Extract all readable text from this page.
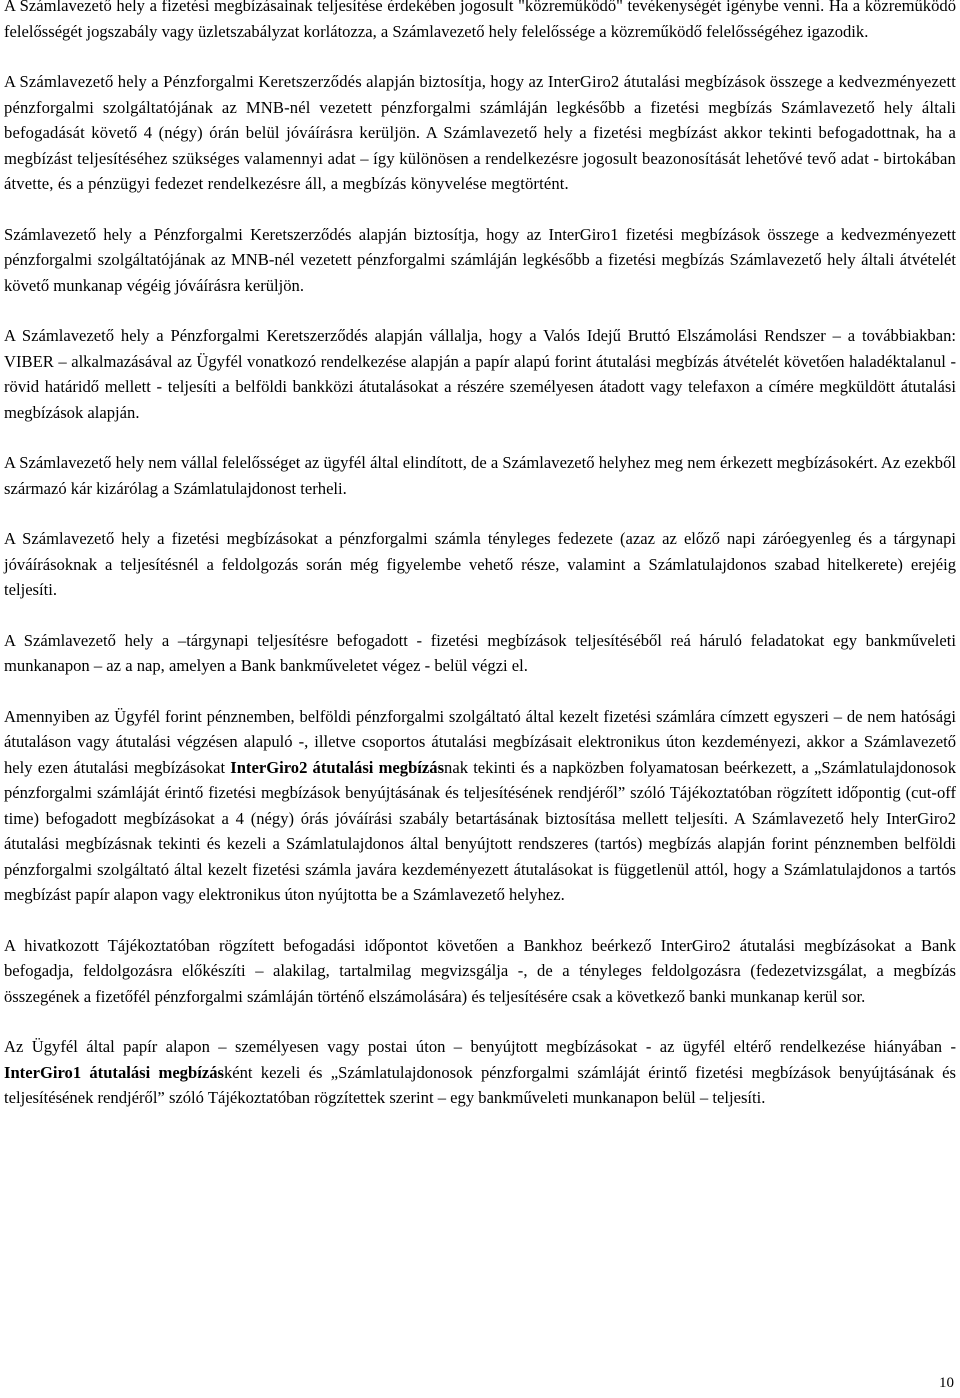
A Számlavezető hely a fizetési megbízásainak teljesítése érdekében jogosult "közreműködő" tevékenységét igénybe venni. Ha a közreműködő felelősségét jogszabály vagy üzletszabályzat korlátozza, a Számlavezető hely felelőssége a közreműködő felelősségéhez igazodik.

A Számlavezető hely a Pénzforgalmi Keretszerződés alapján biztosítja, hogy az InterGiro2 átutalási megbízások összege a kedvezményezett pénzforgalmi szolgáltatójának az MNB-nél vezetett pénzforgalmi számláján legkésőbb a fizetési megbízás Számlavezető hely általi befogadását követő 4 (négy) órán belül jóváírásra kerüljön. A Számlavezető hely a fizetési megbízást akkor tekinti befogadottnak, ha a megbízást teljesítéséhez szükséges valamennyi adat – így különösen a rendelkezésre jogosult beazonosítását lehetővé tevő adat - birtokában átvette, és a pénzügyi fedezet rendelkezésre áll, a megbízás könyvelése megtörtént.

Számlavezető hely a Pénzforgalmi Keretszerződés alapján biztosítja, hogy az InterGiro1 fizetési megbízások összege a kedvezményezett pénzforgalmi szolgáltatójának az MNB-nél vezetett pénzforgalmi számláján legkésőbb a fizetési megbízás Számlavezető hely általi átvételét követő munkanap végéig jóváírásra kerüljön.

A Számlavezető hely a Pénzforgalmi Keretszerződés alapján vállalja, hogy a Valós Idejű Bruttó Elszámolási Rendszer – a továbbiakban: VIBER – alkalmazásával az Ügyfél vonatkozó rendelkezése alapján a papír alapú forint átutalási megbízás átvételét követően haladéktalanul - rövid határidő mellett - teljesíti a belföldi bankközi átutalásokat a részére személyesen átadott vagy telefaxon a címére megküldött átutalási megbízások alapján.

A Számlavezető hely nem vállal felelősséget az ügyfél által elindított, de a Számlavezető helyhez meg nem érkezett megbízásokért. Az ezekből származó kár kizárólag a Számlatulajdonost terheli.

A Számlavezető hely a fizetési megbízásokat a pénzforgalmi számla tényleges fedezete (azaz az előző napi záróegyenleg és a tárgynapi jóváírásoknak a teljesítésnél a feldolgozás során még figyelembe vehető része, valamint a Számlatulajdonos szabad hitelkerete) erejéig teljesíti.

A Számlavezető hely a –tárgynapi teljesítésre befogadott - fizetési megbízások teljesítéséből reá háruló feladatokat egy bankműveleti munkanapon – az a nap, amelyen a Bank bankműveletet végez - belül végzi el.

Amennyiben az Ügyfél forint pénznemben, belföldi pénzforgalmi szolgáltató által kezelt fizetési számlára címzett egyszeri – de nem hatósági átutaláson vagy átutalási végzésen alapuló -, illetve csoportos átutalási megbízásait elektronikus úton kezdeményezi, akkor a Számlavezető hely ezen átutalási megbízásokat InterGiro2 átutalási megbízásnak tekinti és a napközben folyamatosan beérkezett, a „Számlatulajdonosok pénzforgalmi számláját érintő fizetési megbízások benyújtásának és teljesítésének rendjéről” szóló Tájékoztatóban rögzített időpontig (cut-off time) befogadott megbízásokat a 4 (négy) órás jóváírási szabály betartásának biztosítása mellett teljesíti. A Számlavezető hely InterGiro2 átutalási megbízásnak tekinti és kezeli a Számlatulajdonos által benyújtott rendszeres (tartós) megbízás alapján forint pénznemben belföldi pénzforgalmi szolgáltató által kezelt fizetési számla javára kezdeményezett átutalásokat is függetlenül attól, hogy a Számlatulajdonos a tartós megbízást papír alapon vagy elektronikus úton nyújtotta be a Számlavezető helyhez.

A hivatkozott Tájékoztatóban rögzített befogadási időpontot követően a Bankhoz beérkező InterGiro2 átutalási megbízásokat a Bank befogadja, feldolgozásra előkészíti – alakilag, tartalmilag megvizsgálja -, de a tényleges feldolgozásra (fedezetvizsgálat, a megbízás összegének a fizetőfél pénzforgalmi számláján történő elszámolására) és teljesítésére csak a következő banki munkanap kerül sor.

Az Ügyfél által papír alapon – személyesen vagy postai úton – benyújtott megbízásokat - az ügyfél eltérő rendelkezése hiányában - InterGiro1 átutalási megbízásként kezeli és „Számlatulajdonosok pénzforgalmi számláját érintő fizetési megbízások benyújtásának és teljesítésének rendjéről” szóló Tájékoztatóban rögzítettek szerint – egy bankműveleti munkanapon belül – teljesíti.

10
